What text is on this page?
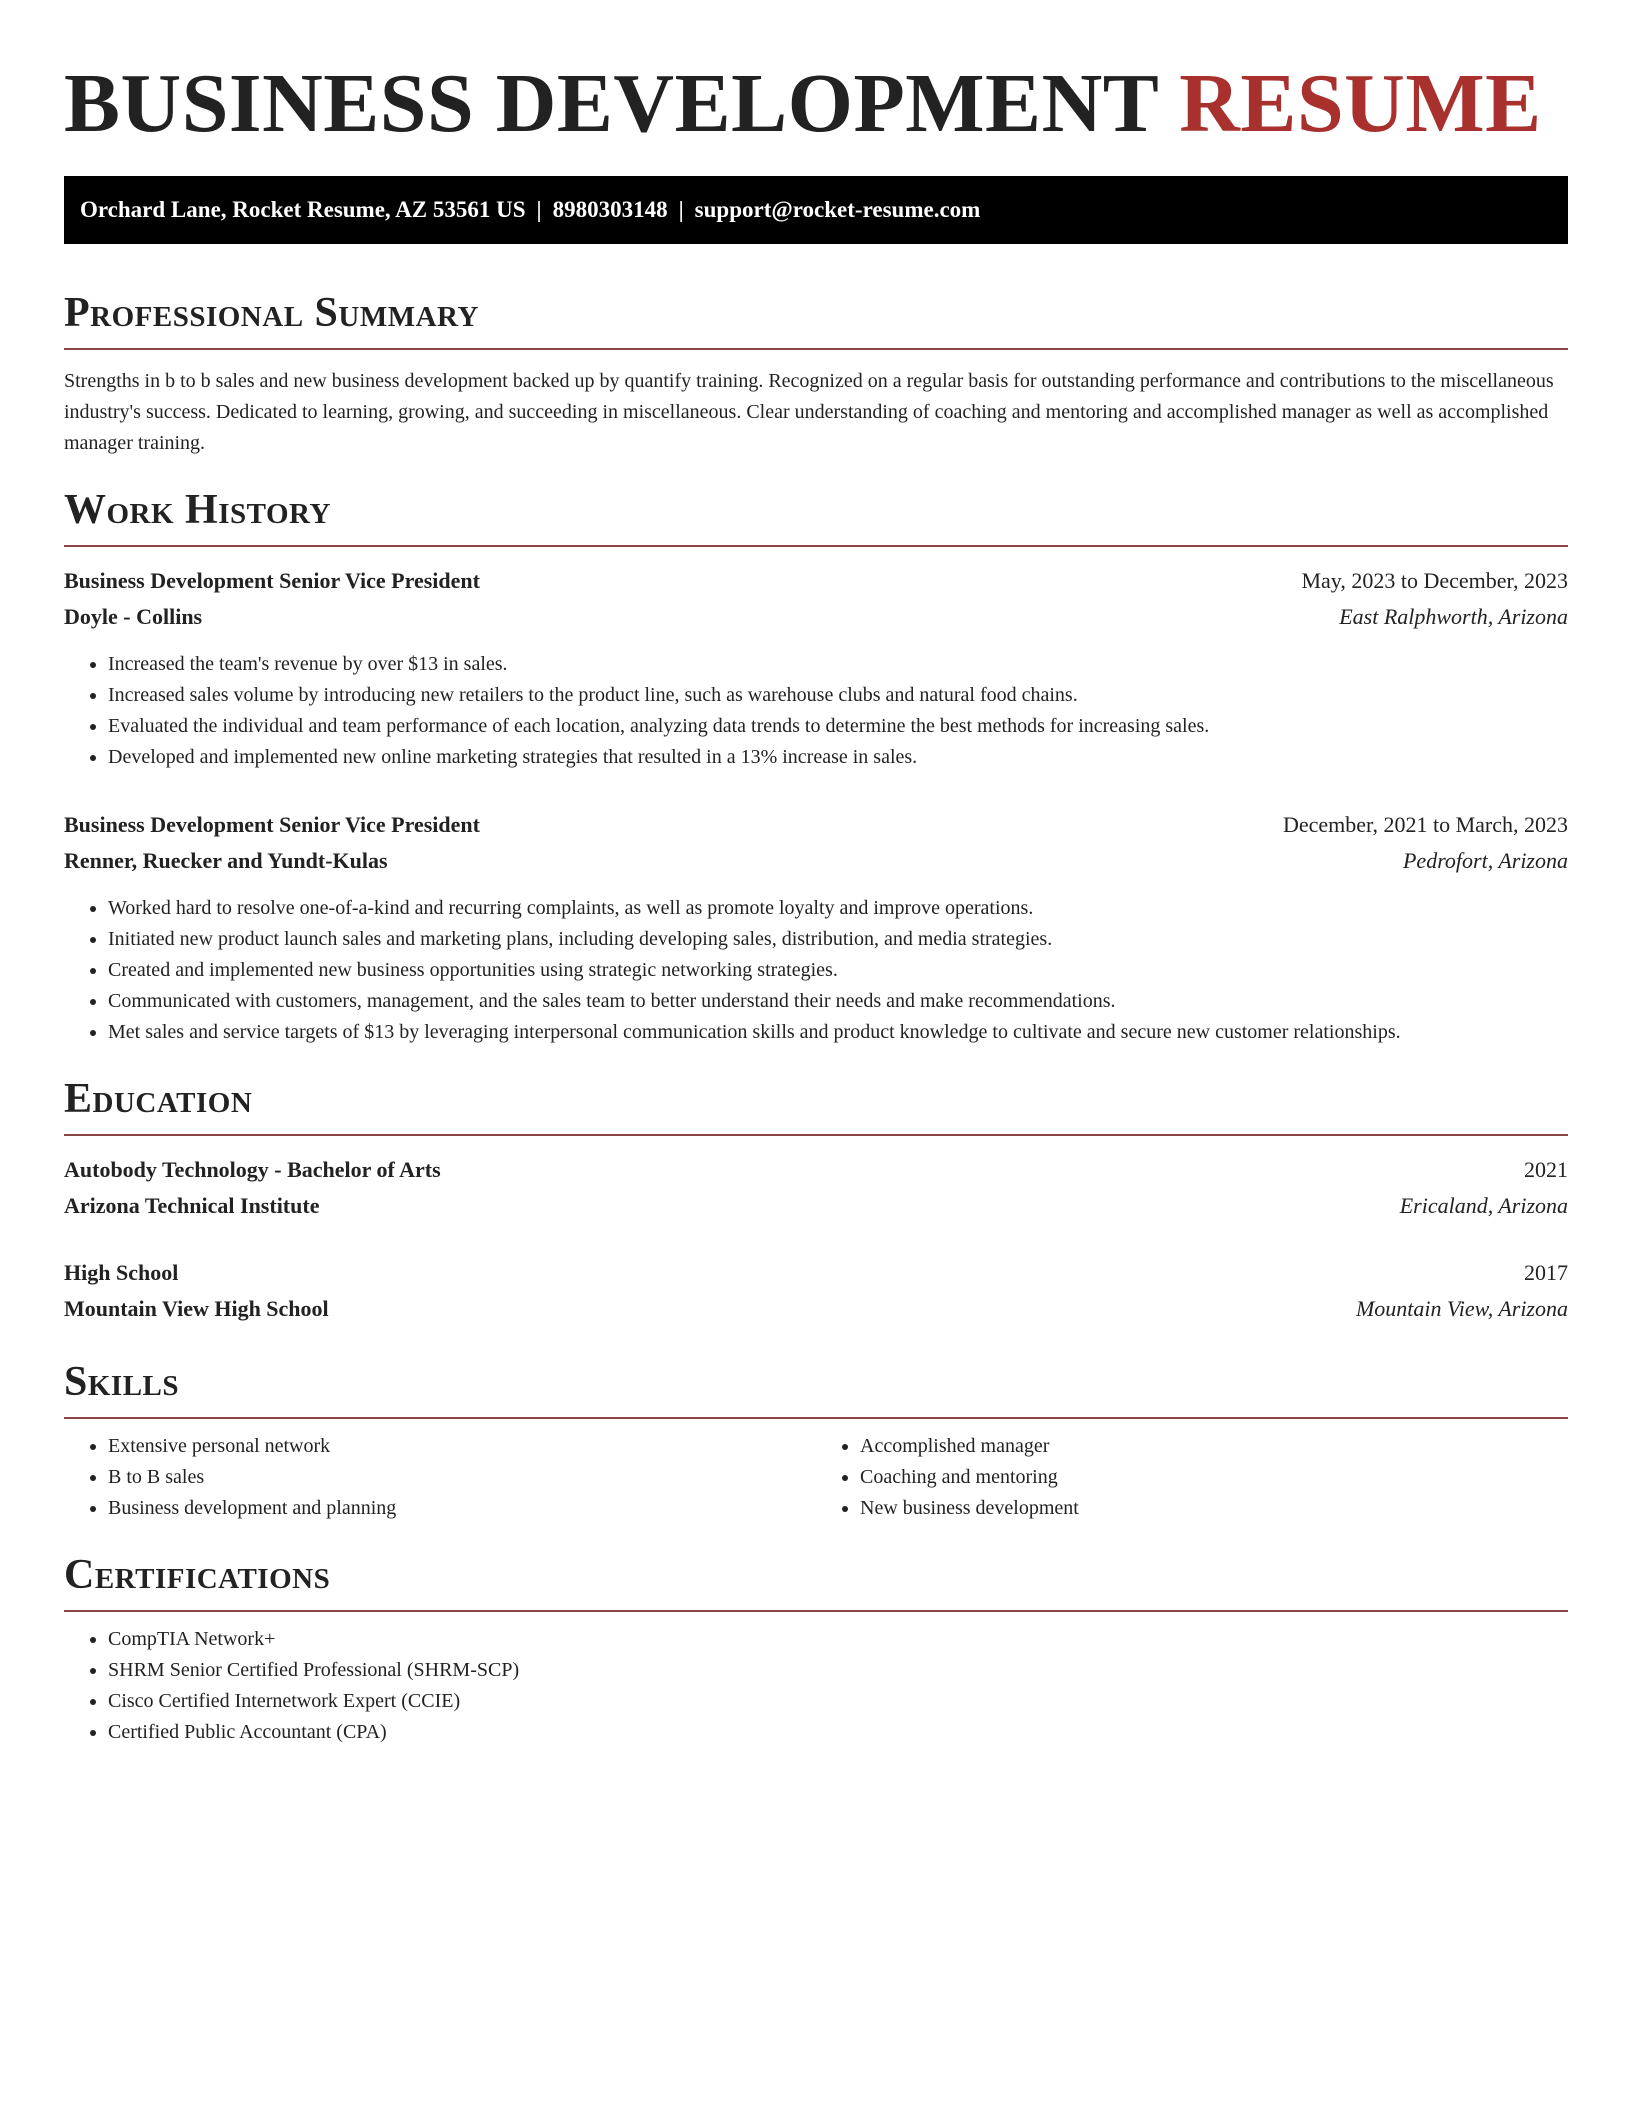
BUSINESS DEVELOPMENT RESUME
Orchard Lane, Rocket Resume, AZ 53561 US | 8980303148 | support@rocket-resume.com
Professional Summary
Strengths in b to b sales and new business development backed up by quantify training. Recognized on a regular basis for outstanding performance and contributions to the miscellaneous industry's success. Dedicated to learning, growing, and succeeding in miscellaneous. Clear understanding of coaching and mentoring and accomplished manager as well as accomplished manager training.
Work History
Business Development Senior Vice President	May, 2023 to December, 2023
Doyle - Collins	East Ralphworth, Arizona
• Increased the team's revenue by over $13 in sales.
• Increased sales volume by introducing new retailers to the product line, such as warehouse clubs and natural food chains.
• Evaluated the individual and team performance of each location, analyzing data trends to determine the best methods for increasing sales.
• Developed and implemented new online marketing strategies that resulted in a 13% increase in sales.
Business Development Senior Vice President	December, 2021 to March, 2023
Renner, Ruecker and Yundt-Kulas	Pedrofort, Arizona
• Worked hard to resolve one-of-a-kind and recurring complaints, as well as promote loyalty and improve operations.
• Initiated new product launch sales and marketing plans, including developing sales, distribution, and media strategies.
• Created and implemented new business opportunities using strategic networking strategies.
• Communicated with customers, management, and the sales team to better understand their needs and make recommendations.
• Met sales and service targets of $13 by leveraging interpersonal communication skills and product knowledge to cultivate and secure new customer relationships.
Education
Autobody Technology - Bachelor of Arts	2021
Arizona Technical Institute	Ericaland, Arizona
High School	2017
Mountain View High School	Mountain View, Arizona
Skills
• Extensive personal network
• B to B sales
• Business development and planning
• Accomplished manager
• Coaching and mentoring
• New business development
Certifications
• CompTIA Network+
• SHRM Senior Certified Professional (SHRM-SCP)
• Cisco Certified Internetwork Expert (CCIE)
• Certified Public Accountant (CPA)
